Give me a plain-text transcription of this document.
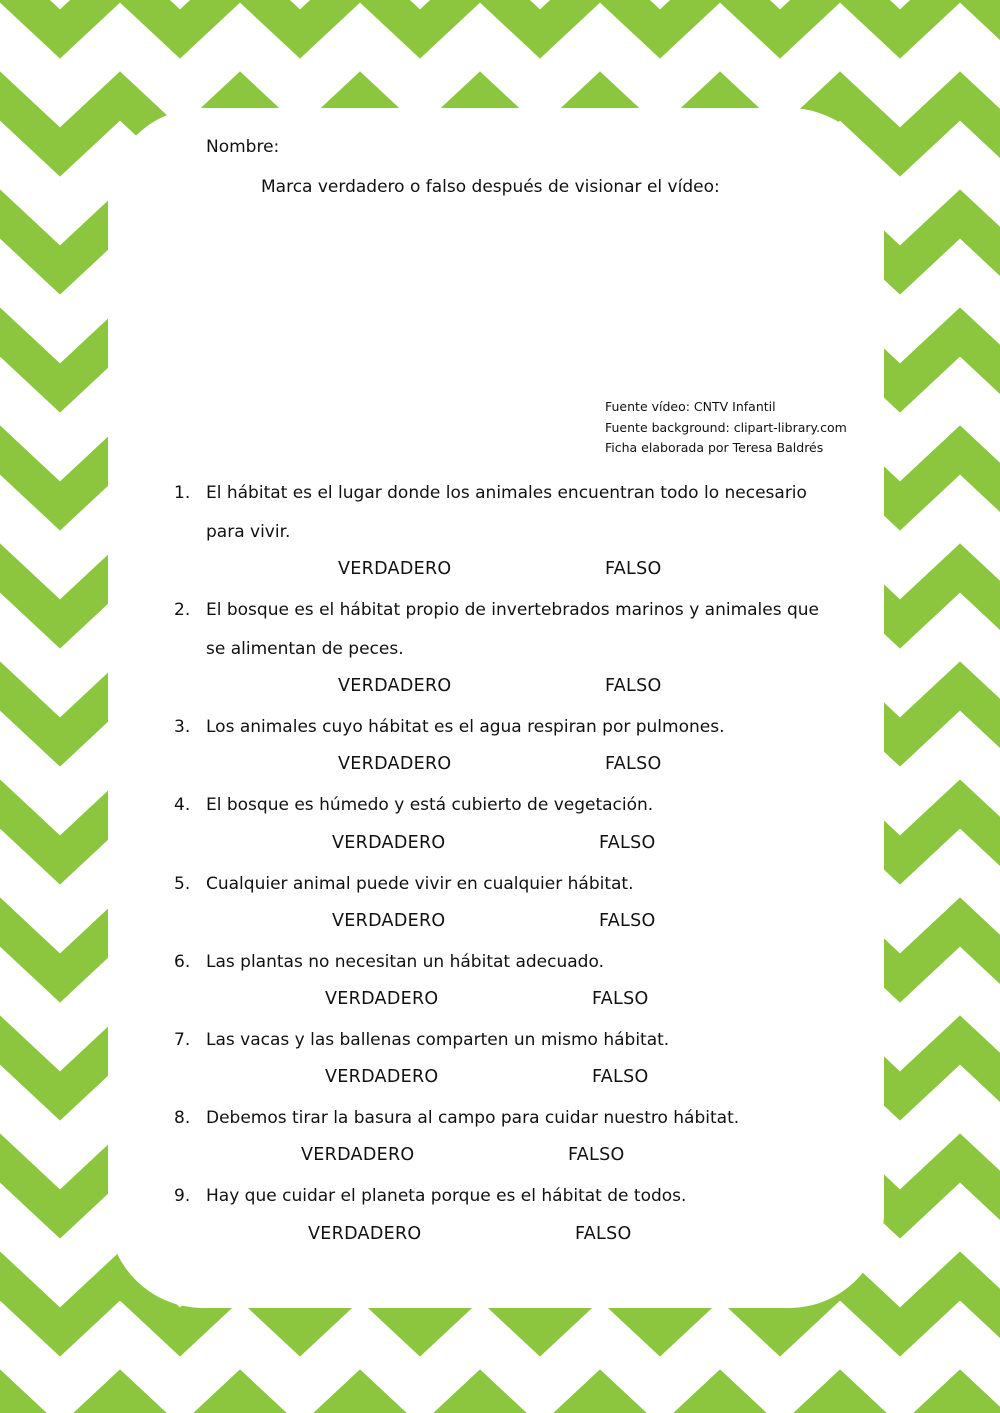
Nombre:
Marca verdadero o falso después de visionar el vídeo:
Fuente vídeo: CNTV Infantil
Fuente background: clipart-library.com
Ficha elaborada por Teresa Baldrés
1. El hábitat es el lugar donde los animales encuentran todo lo necesario
para vivir.
VERDADERO	FALSO
2. El bosque es el hábitat propio de invertebrados marinos y animales que
se alimentan de peces.
VERDADERO	FALSO
3. Los animales cuyo hábitat es el agua respiran por pulmones.
VERDADERO	FALSO
4. El bosque es húmedo y está cubierto de vegetación.
VERDADERO	FALSO
5. Cualquier animal puede vivir en cualquier hábitat.
VERDADERO	FALSO
6. Las plantas no necesitan un hábitat adecuado.
VERDADERO	FALSO
7. Las vacas y las ballenas comparten un mismo hábitat.
VERDADERO	FALSO
8. Debemos tirar la basura al campo para cuidar nuestro hábitat.
VERDADERO	FALSO
9. Hay que cuidar el planeta porque es el hábitat de todos.
VERDADERO	FALSO
